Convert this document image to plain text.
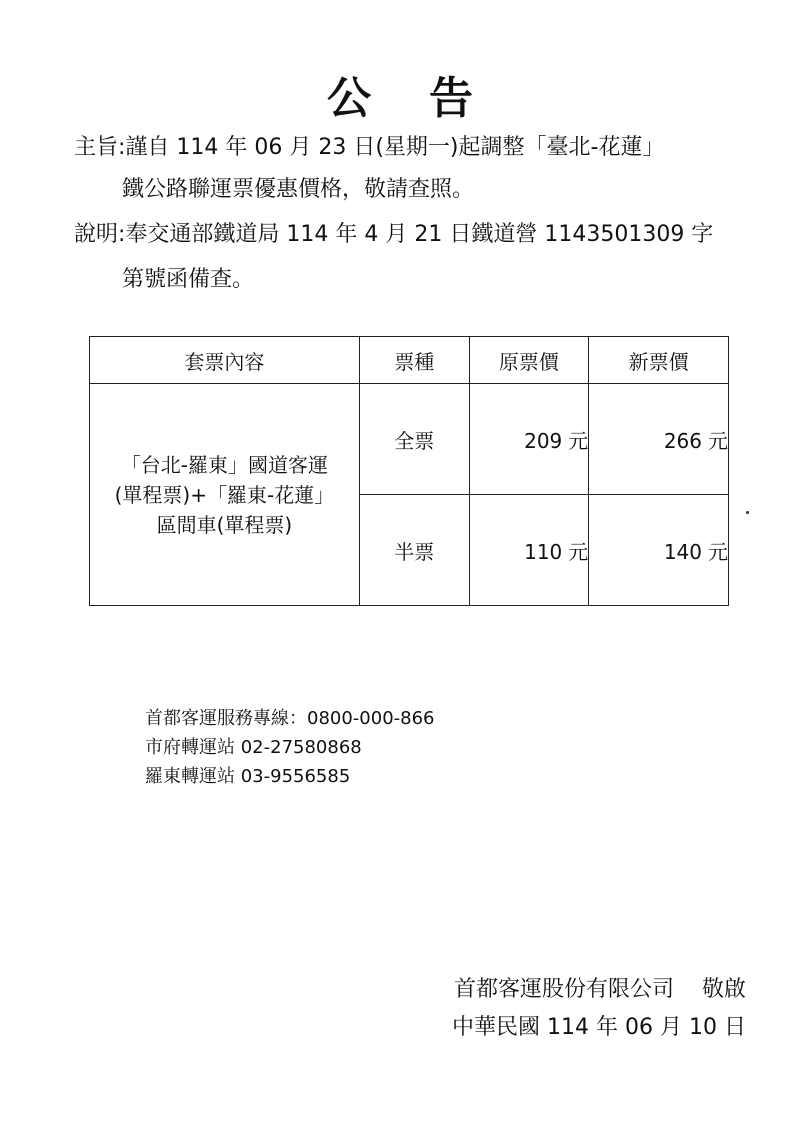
公告
主旨:謹自 114 年 06 月 23 日(星期一)起調整「臺北-花蓮」
鐵公路聯運票優惠價格，敬請查照。
說明:奉交通部鐵道局 114 年 4 月 21 日鐵道營 1143501309 字
第號函備查。
套票內容	票種	原票價	新票價

「台北-羅東」國道客運
(單程票)+「羅東-花蓮」
區間車(單程票)	全票	209 元	266 元
	半票	110 元	140 元
首都客運服務專線：0800-000-866
市府轉運站 02-27580868
羅東轉運站 03-9556585
首都客運股份有限公司 敬啟
中華民國 114 年 06 月 10 日
